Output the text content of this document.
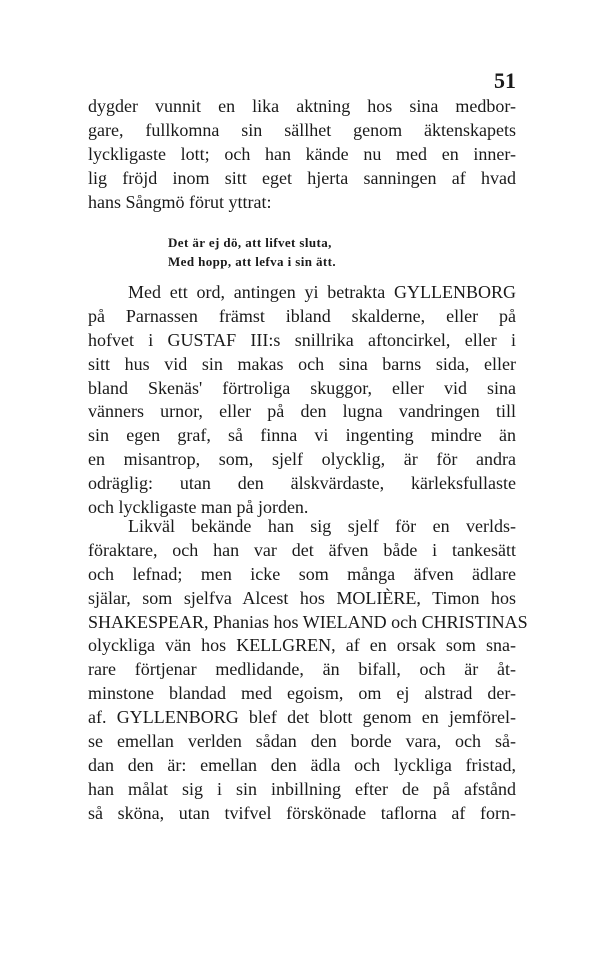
51
dygder vunnit en lika aktning hos sina medbor-
gare, fullkomna sin sällhet genom äktenskapets
lyckligaste lott; och han kände nu med en inner-
lig fröjd inom sitt eget hjerta sanningen af hvad
hans Sångmö förut yttrat:
Det är ej dö, att lifvet sluta,
Med hopp, att lefva i sin ätt.
Med ett ord, antingen yi betrakta GYLLENBORG
på Parnassen främst ibland skalderne, eller på
hofvet i GUSTAF III:s snillrika aftoncirkel, eller i
sitt hus vid sin makas och sina barns sida, eller
bland Skenäs' förtroliga skuggor, eller vid sina
vänners urnor, eller på den lugna vandringen till
sin egen graf, så finna vi ingenting mindre än
en misantrop, som, sjelf olycklig, är för andra
odräglig: utan den älskvärdaste, kärleksfullaste
och lyckligaste man på jorden.
Likväl bekände han sig sjelf för en verlds-
föraktare, och han var det äfven både i tankesätt
och lefnad; men icke som många äfven ädlare
själar, som sjelfva Alcest hos MOLIÈRE, Timon hos
SHAKESPEAR, Phanias hos WIELAND och CHRISTINAS
olyckliga vän hos KELLGREN, af en orsak som sna-
rare förtjenar medlidande, än bifall, och är åt-
minstone blandad med egoism, om ej alstrad der-
af. GYLLENBORG blef det blott genom en jemförel-
se emellan verlden sådan den borde vara, och så-
dan den är: emellan den ädla och lyckliga fristad,
han målat sig i sin inbillning efter de på afstånd
så sköna, utan tvifvel förskönade taflorna af forn-
